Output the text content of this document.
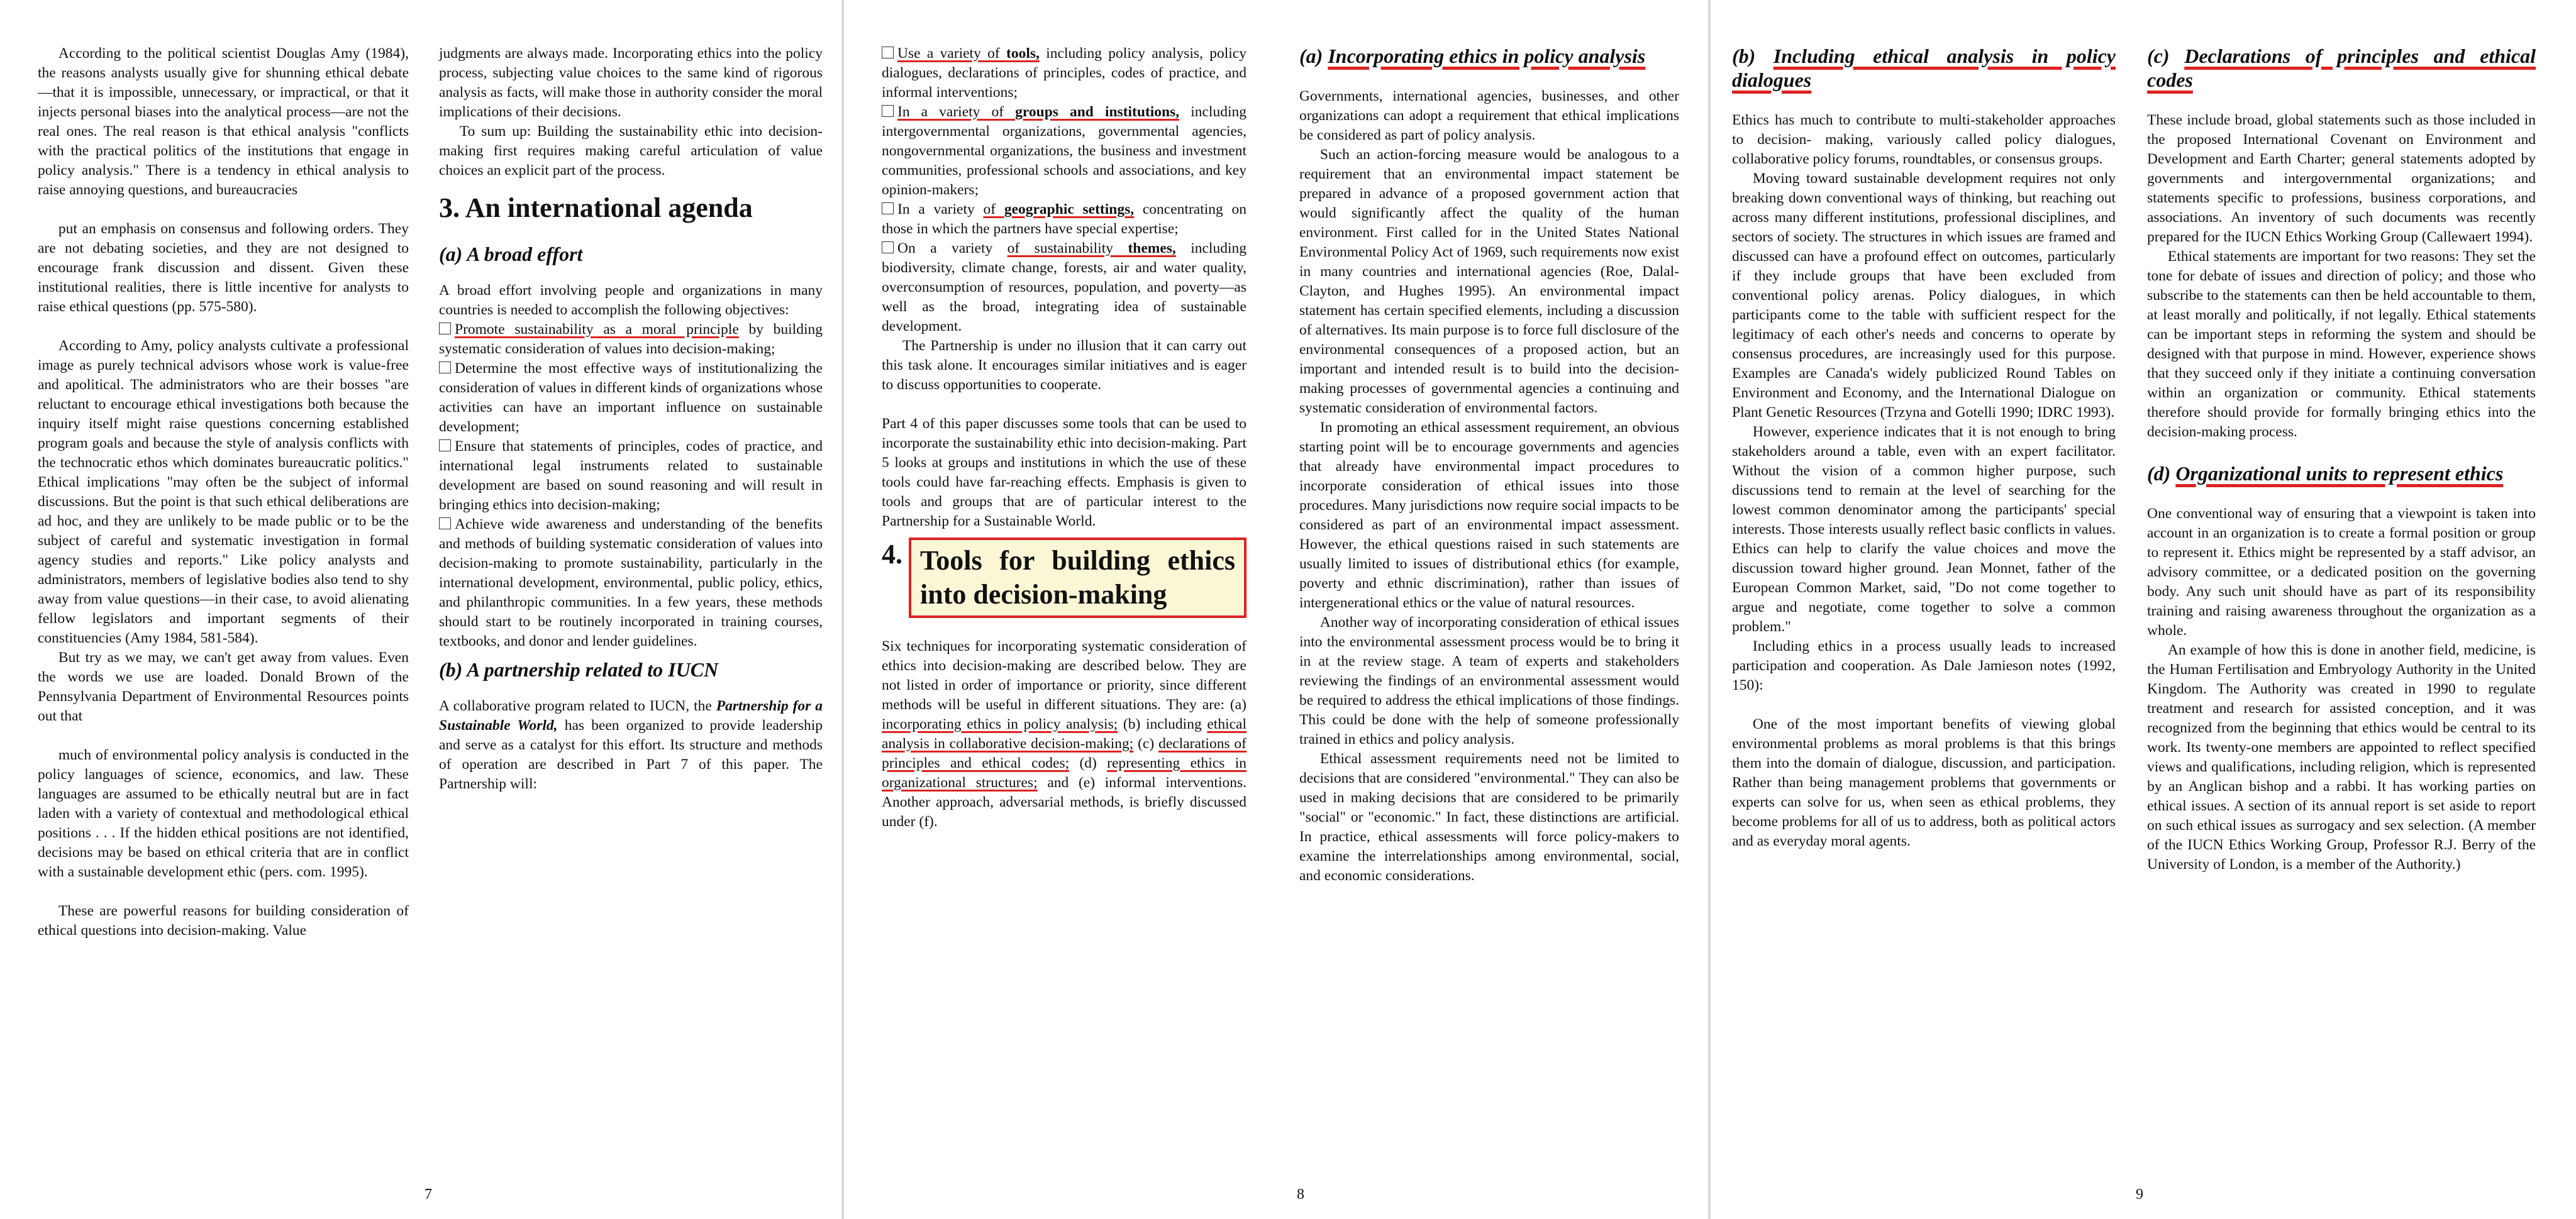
According to the political scientist Douglas Amy (1984), the reasons analysts usually give for shunning ethical debate—that it is impossible, unnecessary, or impractical, or that it injects personal biases into the analytical process—are not the real ones. The real reason is that ethical analysis "conflicts with the practical politics of the institutions that engage in policy analysis." There is a tendency in ethical analysis to raise annoying questions, and bureaucracies

put an emphasis on consensus and following orders. They are not debating societies, and they are not designed to encourage frank discussion and dissent. Given these institutional realities, there is little incentive for analysts to raise ethical questions (pp. 575-580).

According to Amy, policy analysts cultivate a professional image as purely technical advisors whose work is value-free and apolitical. The administrators who are their bosses "are reluctant to encourage ethical investigations both because the inquiry itself might raise questions concerning established program goals and because the style of analysis conflicts with the technocratic ethos which dominates bureaucratic politics." Ethical implications "may often be the subject of informal discussions. But the point is that such ethical deliberations are ad hoc, and they are unlikely to be made public or to be the subject of careful and systematic investigation in formal agency studies and reports." Like policy analysts and administrators, members of legislative bodies also tend to shy away from value questions—in their case, to avoid alienating fellow legislators and important segments of their constituencies (Amy 1984, 581-584).

But try as we may, we can't get away from values. Even the words we use are loaded. Donald Brown of the Pennsylvania Department of Environmental Resources points out that

much of environmental policy analysis is conducted in the policy languages of science, economics, and law. These languages are assumed to be ethically neutral but are in fact laden with a variety of contextual and methodological ethical positions . . . If the hidden ethical positions are not identified, decisions may be based on ethical criteria that are in conflict with a sustainable development ethic (pers. com. 1995).

These are powerful reasons for building consideration of ethical questions into decision-making. Value

judgments are always made. Incorporating ethics into the policy process, subjecting value choices to the same kind of rigorous analysis as facts, will make those in authority consider the moral implications of their decisions.

To sum up: Building the sustainability ethic into decision-making first requires making careful articulation of value choices an explicit part of the process.

3. An international agenda
(a) A broad effort

A broad effort involving people and organizations in many countries is needed to accomplish the following objectives:

Promote sustainability as a moral principle by building systematic consideration of values into decision-making;

Determine the most effective ways of institutionalizing the consideration of values in different kinds of organizations whose activities can have an important influence on sustainable development;

Ensure that statements of principles, codes of practice, and international legal instruments related to sustainable development are based on sound reasoning and will result in bringing ethics into decision-making;

Achieve wide awareness and understanding of the benefits and methods of building systematic consideration of values into decision-making to promote sustainability, particularly in the international development, environmental, public policy, ethics, and philanthropic communities. In a few years, these methods should start to be routinely incorporated in training courses, textbooks, and donor and lender guidelines.

(b) A partnership related to IUCN

A collaborative program related to IUCN, the Partnership for a Sustainable World, has been organized to provide leadership and serve as a catalyst for this effort. Its structure and methods of operation are described in Part 7 of this paper. The Partnership will:

7

Use a variety of tools, including policy analysis, policy dialogues, declarations of principles, codes of practice, and informal interventions;

In a variety of groups and institutions, including intergovernmental organizations, governmental agencies, nongovernmental organizations, the business and investment communities, professional schools and associations, and key opinion-makers;

In a variety of geographic settings, concentrating on those in which the partners have special expertise;

On a variety of sustainability themes, including biodiversity, climate change, forests, air and water quality, overconsumption of resources, population, and poverty—as well as the broad, integrating idea of sustainable development.

The Partnership is under no illusion that it can carry out this task alone. It encourages similar initiatives and is eager to discuss opportunities to cooperate.

Part 4 of this paper discusses some tools that can be used to incorporate the sustainability ethic into decision-making. Part 5 looks at groups and institutions in which the use of these tools could have far-reaching effects. Emphasis is given to tools and groups that are of particular interest to the Partnership for a Sustainable World.

4. Tools for building ethics into decision-making

Six techniques for incorporating systematic consideration of ethics into decision-making are described below. They are not listed in order of importance or priority, since different methods will be useful in different situations. They are: (a) incorporating ethics in policy analysis; (b) including ethical analysis in collaborative decision-making; (c) declarations of principles and ethical codes; (d) representing ethics in organizational structures; and (e) informal interventions. Another approach, adversarial methods, is briefly discussed under (f).

(a) Incorporating ethics in policy analysis

Governments, international agencies, businesses, and other organizations can adopt a requirement that ethical implications be considered as part of policy analysis.

Such an action-forcing measure would be analogous to a requirement that an environmental impact statement be prepared in advance of a proposed government action that would significantly affect the quality of the human environment. First called for in the United States National Environmental Policy Act of 1969, such requirements now exist in many countries and international agencies (Roe, Dalal-Clayton, and Hughes 1995). An environmental impact statement has certain specified elements, including a discussion of alternatives. Its main purpose is to force full disclosure of the environmental consequences of a proposed action, but an important and intended result is to build into the decision-making processes of governmental agencies a continuing and systematic consideration of environmental factors.

In promoting an ethical assessment requirement, an obvious starting point will be to encourage governments and agencies that already have environmental impact procedures to incorporate consideration of ethical issues into those procedures. Many jurisdictions now require social impacts to be considered as part of an environmental impact assessment. However, the ethical questions raised in such statements are usually limited to issues of distributional ethics (for example, poverty and ethnic discrimination), rather than issues of intergenerational ethics or the value of natural resources.

Another way of incorporating consideration of ethical issues into the environmental assessment process would be to bring it in at the review stage. A team of experts and stakeholders reviewing the findings of an environmental assessment would be required to address the ethical implications of those findings. This could be done with the help of someone professionally trained in ethics and policy analysis.

Ethical assessment requirements need not be limited to decisions that are considered "environmental." They can also be used in making decisions that are considered to be primarily "social" or "economic." In fact, these distinctions are artificial. In practice, ethical assessments will force policy-makers to examine the interrelationships among environmental, social, and economic considerations.

8
(b) Including ethical analysis in policy dialogues

Ethics has much to contribute to multi-stakeholder approaches to decision- making, variously called policy dialogues, collaborative policy forums, roundtables, or consensus groups.

Moving toward sustainable development requires not only breaking down conventional ways of thinking, but reaching out across many different institutions, professional disciplines, and sectors of society. The structures in which issues are framed and discussed can have a profound effect on outcomes, particularly if they include groups that have been excluded from conventional policy arenas. Policy dialogues, in which participants come to the table with sufficient respect for the legitimacy of each other's needs and concerns to operate by consensus procedures, are increasingly used for this purpose. Examples are Canada's widely publicized Round Tables on Environment and Economy, and the International Dialogue on Plant Genetic Resources (Trzyna and Gotelli 1990; IDRC 1993).

However, experience indicates that it is not enough to bring stakeholders around a table, even with an expert facilitator. Without the vision of a common higher purpose, such discussions tend to remain at the level of searching for the lowest common denominator among the participants' special interests. Those interests usually reflect basic conflicts in values. Ethics can help to clarify the value choices and move the discussion toward higher ground. Jean Monnet, father of the European Common Market, said, "Do not come together to argue and negotiate, come together to solve a common problem."

Including ethics in a process usually leads to increased participation and cooperation. As Dale Jamieson notes (1992, 150):

One of the most important benefits of viewing global environmental problems as moral problems is that this brings them into the domain of dialogue, discussion, and participation. Rather than being management problems that governments or experts can solve for us, when seen as ethical problems, they become problems for all of us to address, both as political actors and as everyday moral agents.

(c) Declarations of principles and ethical codes

These include broad, global statements such as those included in the proposed International Covenant on Environment and Development and Earth Charter; general statements adopted by governments and intergovernmental organizations; and statements specific to professions, business corporations, and associations. An inventory of such documents was recently prepared for the IUCN Ethics Working Group (Callewaert 1994).

Ethical statements are important for two reasons: They set the tone for debate of issues and direction of policy; and those who subscribe to the statements can then be held accountable to them, at least morally and politically, if not legally. Ethical statements can be important steps in reforming the system and should be designed with that purpose in mind. However, experience shows that they succeed only if they initiate a continuing conversation within an organization or community. Ethical statements therefore should provide for formally bringing ethics into the decision-making process.

(d) Organizational units to represent ethics

One conventional way of ensuring that a viewpoint is taken into account in an organization is to create a formal position or group to represent it. Ethics might be represented by a staff advisor, an advisory committee, or a dedicated position on the governing body. Any such unit should have as part of its responsibility training and raising awareness throughout the organization as a whole.

An example of how this is done in another field, medicine, is the Human Fertilisation and Embryology Authority in the United Kingdom. The Authority was created in 1990 to regulate treatment and research for assisted conception, and it was recognized from the beginning that ethics would be central to its work. Its twenty-one members are appointed to reflect specified views and qualifications, including religion, which is represented by an Anglican bishop and a rabbi. It has working parties on ethical issues. A section of its annual report is set aside to report on such ethical issues as surrogacy and sex selection. (A member of the IUCN Ethics Working Group, Professor R.J. Berry of the University of London, is a member of the Authority.)

9
